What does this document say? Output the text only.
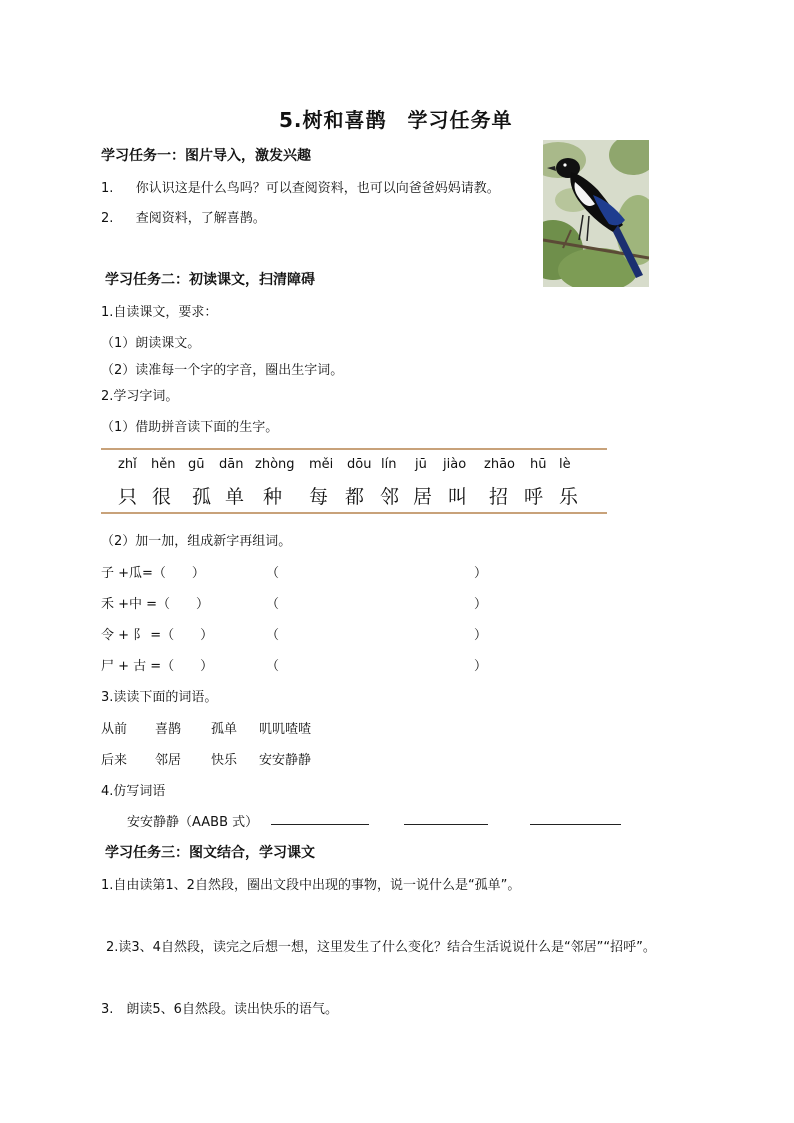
5.树和喜鹊　学习任务单
学习任务一：图片导入，激发兴趣
1. 你认识这是什么鸟吗？可以查阅资料，也可以向爸爸妈妈请教。
2. 查阅资料，了解喜鹊。
学习任务二：初读课文，扫清障碍
1.自读课文，要求：
（1）朗读课文。
（2）读准每一个字的字音，圈出生字词。
2.学习字词。
（1）借助拼音读下面的生字。
zhǐ hěn gū dān zhòng měi dōu lín jū jiào zhāo hū lè
只 很 孤 单 种 每 都 邻 居 叫 招 呼 乐
（2）加一加，组成新字再组词。
子 +瓜=（　　）	（　　　　　　　　　　　　　　　）
禾 +中 =（　　）	（　　　　　　　　　　　　　　　）
令 + 阝 =（　　）	（　　　　　　　　　　　　　　　）
尸 + 古 =（　　）	（　　　　　　　　　　　　　　　）
3.读读下面的词语。
从前 喜鹊 孤单 叽叽喳喳
后来 邻居 快乐 安安静静
4.仿写词语
安安静静（AABB 式）
学习任务三：图文结合，学习课文
1.自由读第1、2自然段，圈出文段中出现的事物，说一说什么是“孤单”。
2.读3、4自然段，读完之后想一想，这里发生了什么变化？结合生活说说什么是“邻居”“招呼”。
3.　朗读5、6自然段。读出快乐的语气。
